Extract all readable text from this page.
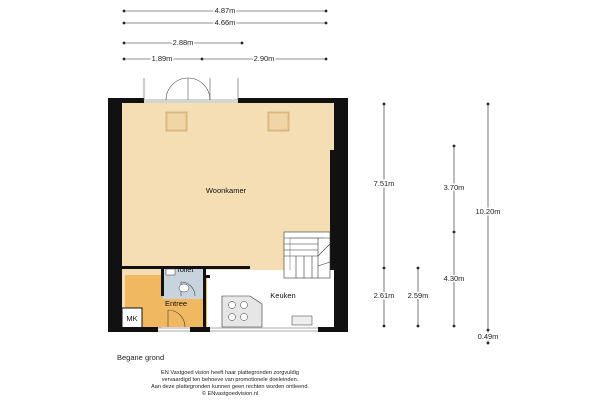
Woonkamer
Toilet
Entree
MK
Keuken
4.87m
4.66m
2.88m
1.89m	2.90m
7.51m
2.61m 2.59m
3.70m
4.30m
10.20m
0.49m
Begane grond
EN Vastgoed vision heeft haar plattegronden zorgvuldig
vervaardigd ten behoeve van promotionele doeleinden.
Aan deze plattegronden kunnen geen rechten worden ontleend.
© ENvastgoedvision.nl
